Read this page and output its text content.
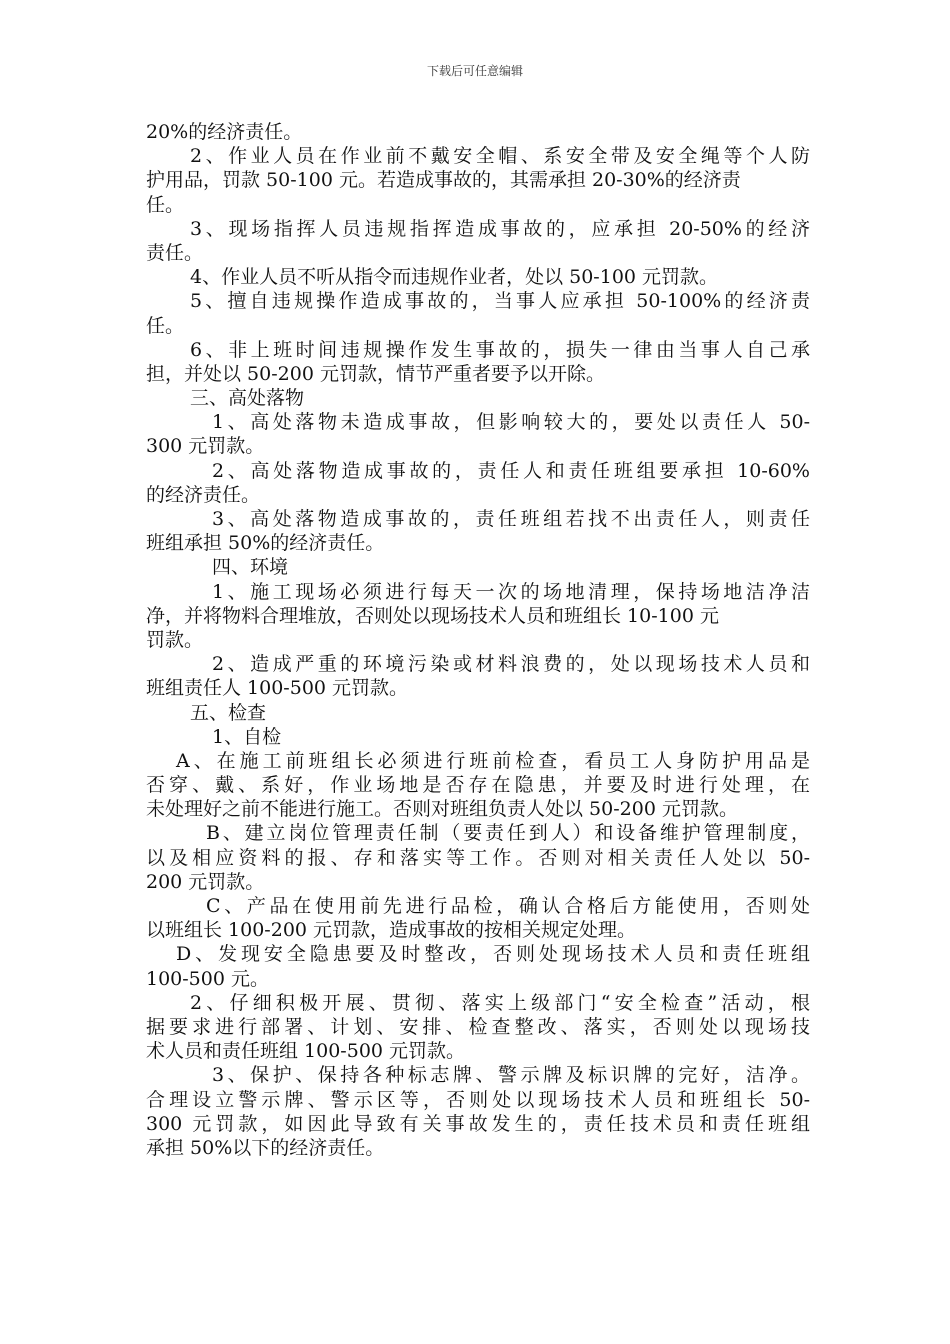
下载后可任意编辑
20%的经济责任。
2、作业人员在作业前不戴安全帽、系安全带及安全绳等个人防
护用品，罚款 50-100 元。若造成事故的，其需承担 20-30%的经济责
任。
3、现场指挥人员违规指挥造成事故的，应承担 20-50%的经济
责任。
4、作业人员不听从指令而违规作业者，处以 50-100 元罚款。
5、擅自违规操作造成事故的，当事人应承担 50-100%的经济责
任。
6、非上班时间违规操作发生事故的，损失一律由当事人自己承
担，并处以 50-200 元罚款，情节严重者要予以开除。
三、高处落物
1、高处落物未造成事故，但影响较大的，要处以责任人 50-
300 元罚款。
2、高处落物造成事故的，责任人和责任班组要承担 10-60%
的经济责任。
3、高处落物造成事故的，责任班组若找不出责任人，则责任
班组承担 50%的经济责任。
四、环境
1、施工现场必须进行每天一次的场地清理，保持场地洁净洁
净，并将物料合理堆放，否则处以现场技术人员和班组长 10-100 元
罚款。
2、造成严重的环境污染或材料浪费的，处以现场技术人员和
班组责任人 100-500 元罚款。
五、检查
1、自检
A、在施工前班组长必须进行班前检查，看员工人身防护用品是
否穿、戴、系好，作业场地是否存在隐患，并要及时进行处理，在
未处理好之前不能进行施工。否则对班组负责人处以 50-200 元罚款。
B、建立岗位管理责任制（要责任到人）和设备维护管理制度，
以及相应资料的报、存和落实等工作。否则对相关责任人处以 50-
200 元罚款。
C、产品在使用前先进行品检，确认合格后方能使用，否则处
以班组长 100-200 元罚款，造成事故的按相关规定处理。
D、发现安全隐患要及时整改，否则处现场技术人员和责任班组
100-500 元。
2、仔细积极开展、贯彻、落实上级部门“安全检查”活动，根
据要求进行部署、计划、安排、检查整改、落实，否则处以现场技
术人员和责任班组 100-500 元罚款。
3、保护、保持各种标志牌、警示牌及标识牌的完好，洁净。
合理设立警示牌、警示区等，否则处以现场技术人员和班组长 50-
300 元罚款，如因此导致有关事故发生的，责任技术员和责任班组
承担 50%以下的经济责任。
